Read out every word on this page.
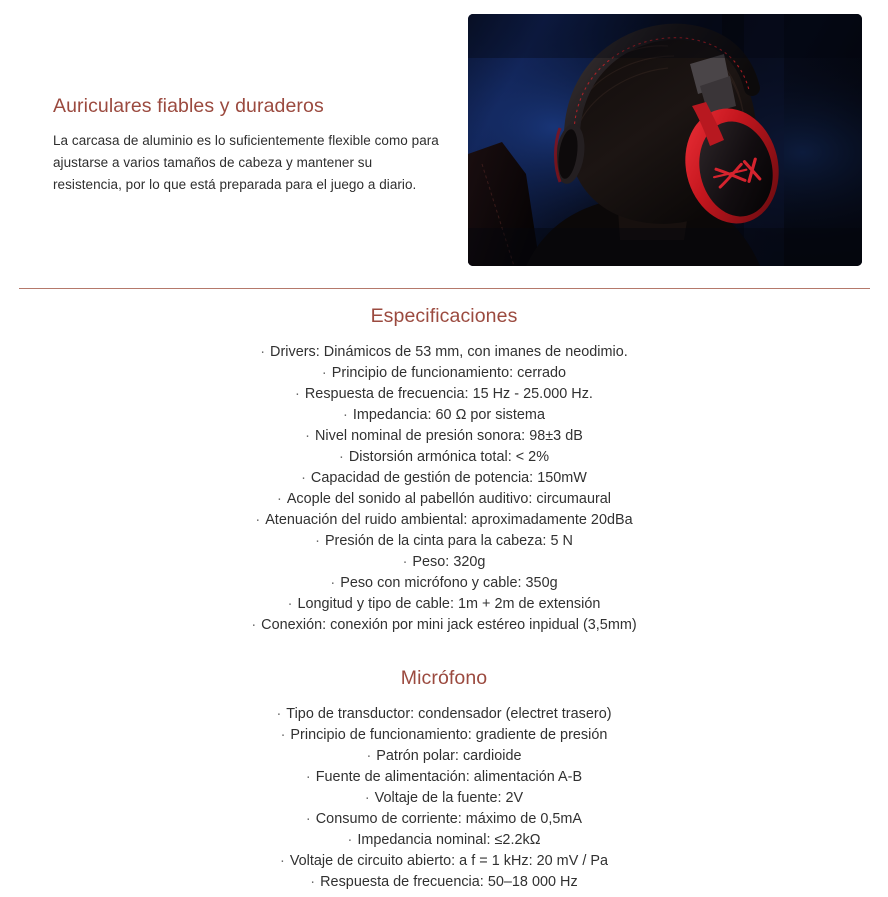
Auriculares fiables y duraderos

La carcasa de aluminio es lo suficientemente flexible como para ajustarse a varios tamaños de cabeza y mantener su resistencia, por lo que está preparada para el juego a diario.

Especificaciones
· Drivers: Dinámicos de 53 mm, con imanes de neodimio.
· Principio de funcionamiento: cerrado
· Respuesta de frecuencia: 15 Hz - 25.000 Hz.
· Impedancia: 60 Ω por sistema
· Nivel nominal de presión sonora: 98±3 dB
· Distorsión armónica total: < 2%
· Capacidad de gestión de potencia: 150mW
· Acople del sonido al pabellón auditivo: circumaural
· Atenuación del ruido ambiental: aproximadamente 20dBa
· Presión de la cinta para la cabeza: 5 N
· Peso: 320g
· Peso con micrófono y cable: 350g
· Longitud y tipo de cable: 1m + 2m de extensión
· Conexión: conexión por mini jack estéreo inpidual (3,5mm)
Micrófono
· Tipo de transductor: condensador (electret trasero)
· Principio de funcionamiento: gradiente de presión
· Patrón polar: cardioide
· Fuente de alimentación: alimentación A-B
· Voltaje de la fuente: 2V
· Consumo de corriente: máximo de 0,5mA
· Impedancia nominal: ≤2.2kΩ
· Voltaje de circuito abierto: a f = 1 kHz: 20 mV / Pa
· Respuesta de frecuencia: 50–18 000 Hz
